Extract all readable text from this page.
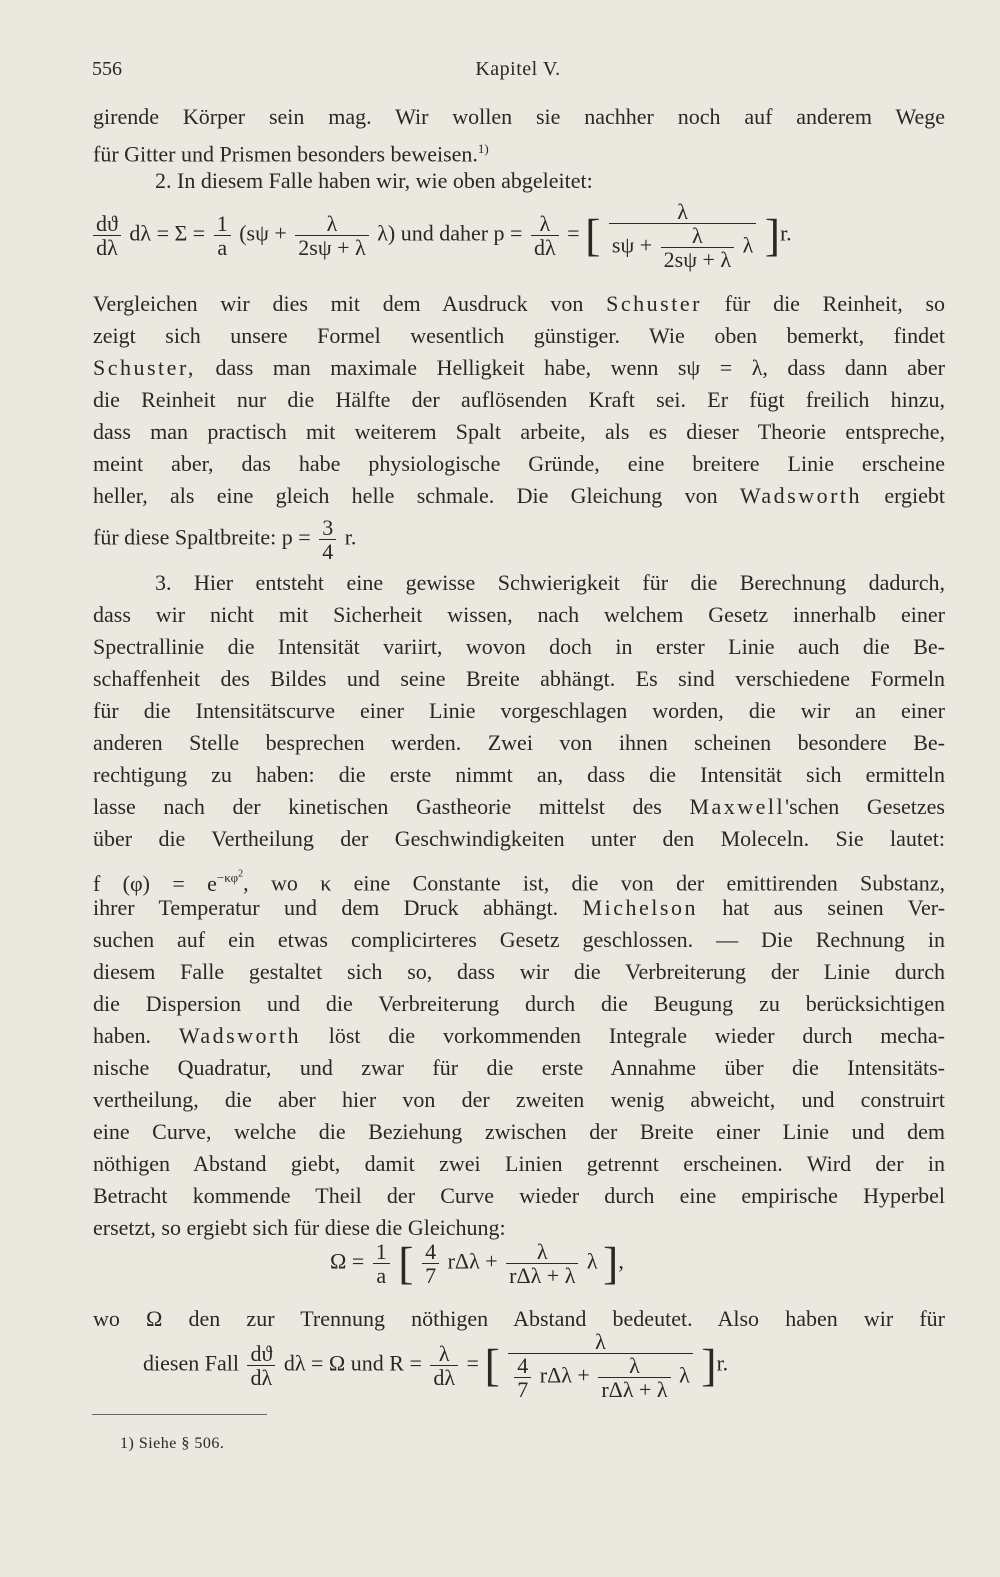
556	Kapitel V.
girende Körper sein mag. Wir wollen sie nachher noch auf anderem Wege
für Gitter und Prismen besonders beweisen.$^{1)}$
2. In diesem Falle haben wir, wie oben abgeleitet:
$\frac{dϑ}{d\lambda}$ $d\lambda = \Sigma = \frac{1}{a} (s\psi + \frac{\lambda}{2s\psi + \lambda} \lambda)$ und daher $p = \frac{\lambda}{d\lambda}$ = [ $\frac{\lambda}{s\psi + \frac{\lambda}{2s\psi + \lambda} \lambda} ]r$.
Vergleichen wir dies mit dem Ausdruck von Schuster für die Reinheit, so
zeigt sich unsere Formel wesentlich günstiger. Wie oben bemerkt, findet
Schuster, dass man maximale Helligkeit habe, wenn sψ = λ, dass dann aber
die Reinheit nur die Hälfte der auflösenden Kraft sei. Er fügt freilich hinzu,
dass man practisch mit weiterem Spalt arbeite, als es dieser Theorie entspreche,
meint aber, das habe physiologische Gründe, eine breitere Linie erscheine
heller, als eine gleich helle schmale. Die Gleichung von Wadsworth ergiebt
für diese Spaltbreite: $p = \frac{3}{4} r$.
3. Hier entsteht eine gewisse Schwierigkeit für die Berechnung dadurch,
dass wir nicht mit Sicherheit wissen, nach welchem Gesetz innerhalb einer
Spectrallinie die Intensität variirt, wovon doch in erster Linie auch die Be-
schaffenheit des Bildes und seine Breite abhängt. Es sind verschiedene Formeln
für die Intensitätscurve einer Linie vorgeschlagen worden, die wir an einer
anderen Stelle besprechen werden. Zwei von ihnen scheinen besondere Be-
rechtigung zu haben: die erste nimmt an, dass die Intensität sich ermitteln
lasse nach der kinetischen Gastheorie mittelst des Maxwell'schen Gesetzes
über die Vertheilung der Geschwindigkeiten unter den Moleceln. Sie lautet:
f $(\varphi) = e^{-\kappa\varphi^2}$, wo κ eine Constante ist, die von der emittirenden Substanz,
ihrer Temperatur und dem Druck abhängt. Michelson hat aus seinen Ver-
suchen auf ein etwas complicirteres Gesetz geschlossen. — Die Rechnung in
diesem Falle gestaltet sich so, dass wir die Verbreiterung der Linie durch
die Dispersion und die Verbreiterung durch die Beugung zu berücksichtigen
haben. Wadsworth löst die vorkommenden Integrale wieder durch mecha-
nische Quadratur, und zwar für die erste Annahme über die Intensitäts-
vertheilung, die aber hier von der zweiten wenig abweicht, und construirt
eine Curve, welche die Beziehung zwischen der Breite einer Linie und dem
nöthigen Abstand giebt, damit zwei Linien getrennt erscheinen. Wird der in
Betracht kommende Theil der Curve wieder durch eine empirische Hyperbel
ersetzt, so ergiebt sich für diese die Gleichung:
$\Omega = \frac{1}{a}$ [ $\frac{4}{7}$ $r\Delta\lambda + \frac{\lambda}{\text{rΔλ + λ}}$ λ ],
wo Ω den zur Trennung nöthigen Abstand bedeutet. Also haben wir für
diesen Fall $\frac{dϑ}{d\lambda}$ dλ = Ω und $R = \frac{\lambda}{d\lambda}$ = [ $\frac{\lambda}{\frac{4}{7} r\Delta\lambda + \frac{\lambda}{\text{rΔλ + λ}} \lambda} ]r$.
1) Siehe § 506.
